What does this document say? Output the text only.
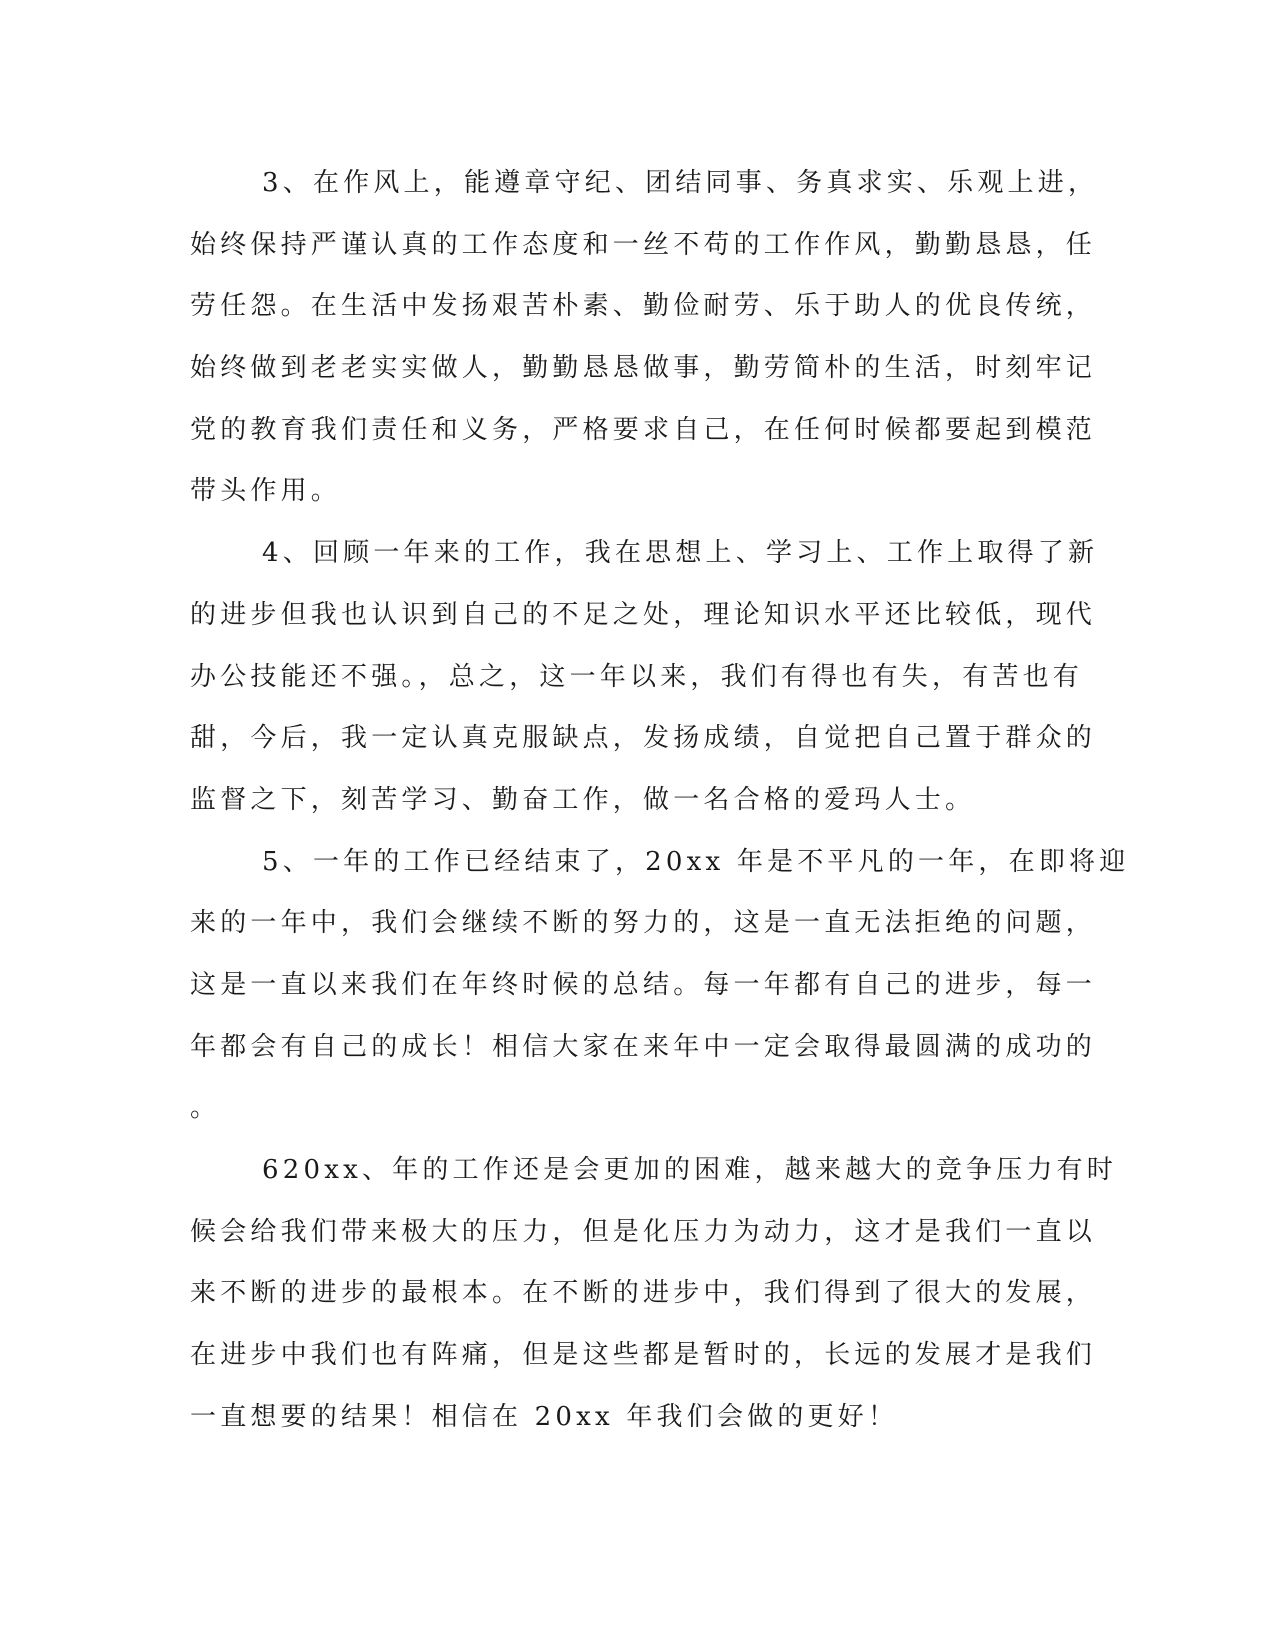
3、在作风上，能遵章守纪、团结同事、务真求实、乐观上进，
始终保持严谨认真的工作态度和一丝不苟的工作作风，勤勤恳恳，任
劳任怨。在生活中发扬艰苦朴素、勤俭耐劳、乐于助人的优良传统，
始终做到老老实实做人，勤勤恳恳做事，勤劳简朴的生活，时刻牢记
党的教育我们责任和义务，严格要求自己，在任何时候都要起到模范
带头作用。

4、回顾一年来的工作，我在思想上、学习上、工作上取得了新
的进步但我也认识到自己的不足之处，理论知识水平还比较低，现代
办公技能还不强。，总之，这一年以来，我们有得也有失，有苦也有
甜，今后，我一定认真克服缺点，发扬成绩，自觉把自己置于群众的
监督之下，刻苦学习、勤奋工作，做一名合格的爱玛人士。

5、一年的工作已经结束了，20xx 年是不平凡的一年，在即将迎
来的一年中，我们会继续不断的努力的，这是一直无法拒绝的问题，
这是一直以来我们在年终时候的总结。每一年都有自己的进步，每一
年都会有自己的成长！相信大家在来年中一定会取得最圆满的成功的
。

620xx、年的工作还是会更加的困难，越来越大的竞争压力有时
候会给我们带来极大的压力，但是化压力为动力，这才是我们一直以
来不断的进步的最根本。在不断的进步中，我们得到了很大的发展，
在进步中我们也有阵痛，但是这些都是暂时的，长远的发展才是我们
一直想要的结果！相信在 20xx 年我们会做的更好！
